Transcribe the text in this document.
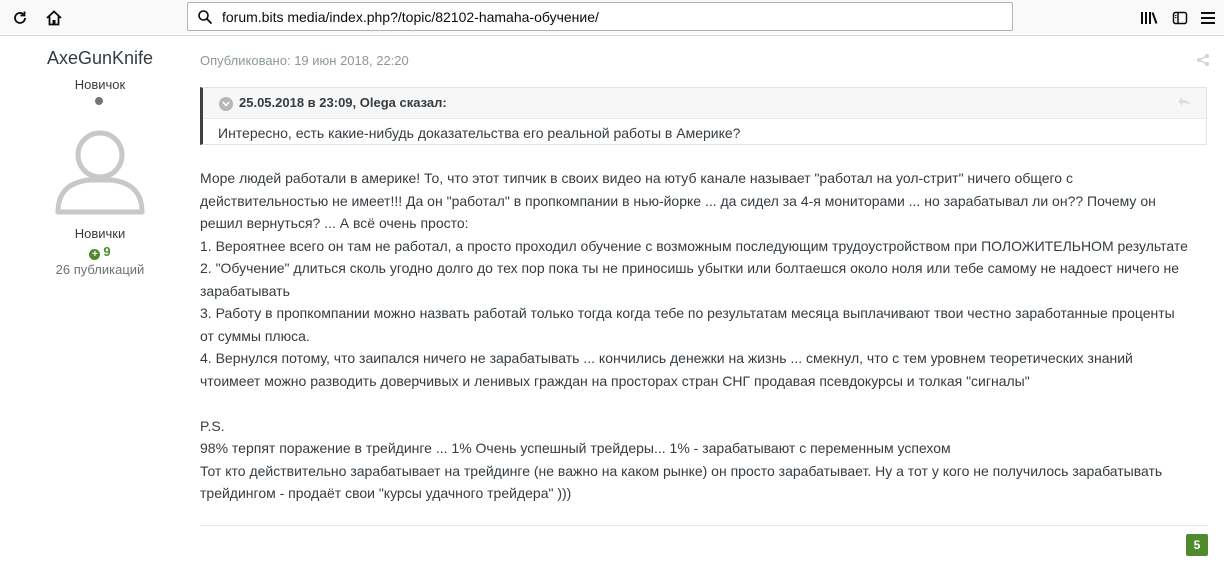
forum.bits media/index.php?/topic/82102-hamaha-обучение/
AxeGunKnife
Новичок
Новички
+ 9
26 публикаций
Опубликовано: 19 июн 2018, 22:20
25.05.2018 в 23:09, Olega сказал:
Интересно, есть какие-нибудь доказательства его реальной работы в Америке?

Море людей работали в америке! То, что этот типчик в своих видео на ютуб канале называет "работал на уол-стрит" ничего общего с

действительностью не имеет!!! Да он "работал" в пропкомпании в нью-йорке ... да сидел за 4-я мониторами ... но зарабатывал ли он?? Почему он

решил вернуться? ... А всё очень просто:

1. Вероятнее всего он там не работал, а просто проходил обучение с возможным последующим трудоустройством при ПОЛОЖИТЕЛЬНОМ результате

2. "Обучение" длиться сколь угодно долго до тех пор пока ты не приносишь убытки или болтаешся около ноля или тебе самому не надоест ничего не

зарабатывать

3. Работу в пропкомпании можно назвать работай только тогда когда тебе по результатам месяца выплачивают твои честно заработанные проценты

от суммы плюса.

4. Вернулся потому, что заипался ничего не зарабатывать ... кончились денежки на жизнь ... смекнул, что с тем уровнем теоретических знаний

чтоимеет можно разводить доверчивых и ленивых граждан на просторах стран СНГ продавая псевдокурсы и толкая "сигналы"

P.S.

98% терпят поражение в трейдинге ... 1% Очень успешный трейдеры... 1% - зарабатывают с переменным успехом

Тот кто действительно зарабатывает на трейдинге (не важно на каком рынке) он просто зарабатывает. Ну а тот у кого не получилось зарабатывать

трейдингом - продаёт свои "курсы удачного трейдера" )))

5
